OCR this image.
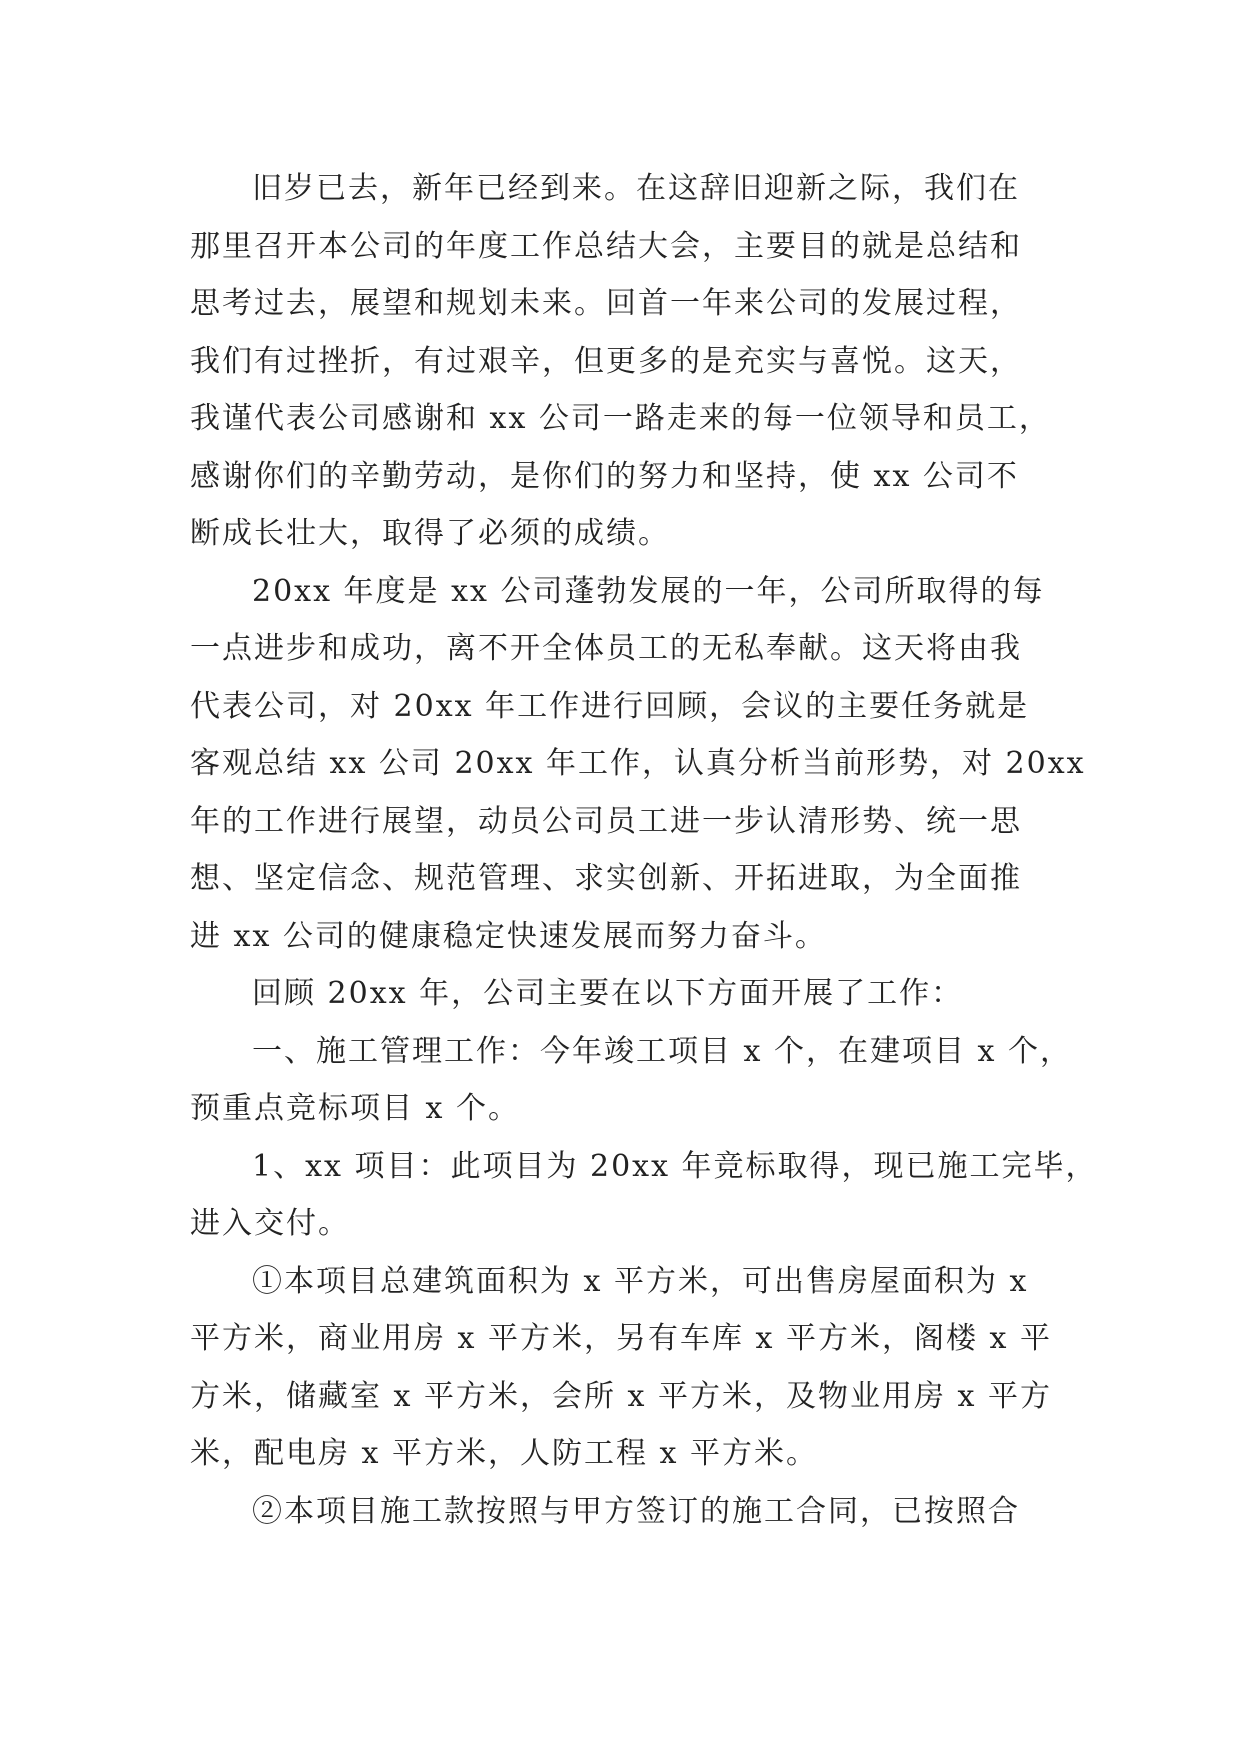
旧岁已去，新年已经到来。在这辞旧迎新之际，我们在
那里召开本公司的年度工作总结大会，主要目的就是总结和
思考过去，展望和规划未来。回首一年来公司的发展过程，
我们有过挫折，有过艰辛，但更多的是充实与喜悦。这天，
我谨代表公司感谢和 xx 公司一路走来的每一位领导和员工，
感谢你们的辛勤劳动，是你们的努力和坚持，使 xx 公司不
断成长壮大，取得了必须的成绩。
20xx 年度是 xx 公司蓬勃发展的一年，公司所取得的每
一点进步和成功，离不开全体员工的无私奉献。这天将由我
代表公司，对 20xx 年工作进行回顾，会议的主要任务就是
客观总结 xx 公司 20xx 年工作，认真分析当前形势，对 20xx
年的工作进行展望，动员公司员工进一步认清形势、统一思
想、坚定信念、规范管理、求实创新、开拓进取，为全面推
进 xx 公司的健康稳定快速发展而努力奋斗。
回顾 20xx 年，公司主要在以下方面开展了工作：
一、施工管理工作：今年竣工项目 x 个，在建项目 x 个，
预重点竞标项目 x 个。
1、xx 项目：此项目为 20xx 年竞标取得，现已施工完毕，
进入交付。
①本项目总建筑面积为 x 平方米，可出售房屋面积为 x
平方米，商业用房 x 平方米，另有车库 x 平方米，阁楼 x 平
方米，储藏室 x 平方米，会所 x 平方米，及物业用房 x 平方
米，配电房 x 平方米，人防工程 x 平方米。
②本项目施工款按照与甲方签订的施工合同，已按照合
